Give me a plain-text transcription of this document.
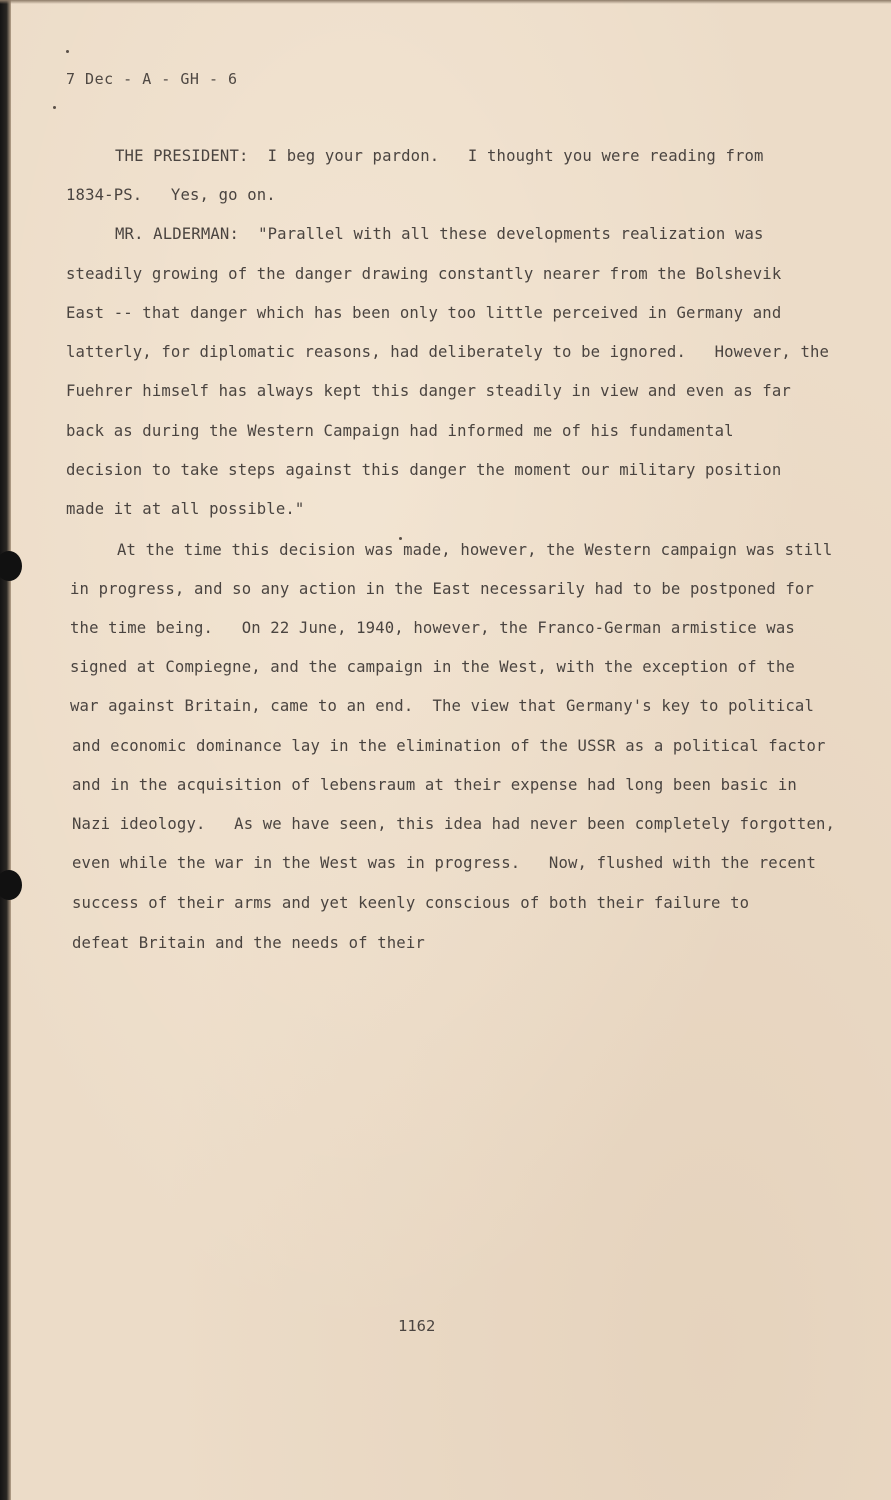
7 Dec - A - GH - 6
THE PRESIDENT:  I beg your pardon.   I thought you were reading from
1834-PS.   Yes, go on.
MR. ALDERMAN:  "Parallel with all these developments realization was
steadily growing of the danger drawing constantly nearer from the Bolshevik
East -- that danger which has been only too little perceived in Germany and
latterly, for diplomatic reasons, had deliberately to be ignored.   However, the
Fuehrer himself has always kept this danger steadily in view and even as far
back as during the Western Campaign had informed me of his fundamental
decision to take steps against this danger the moment our military position
made it at all possible."
At the time this decision was made, however, the Western campaign was still
in progress, and so any action in the East necessarily had to be postponed for
the time being.   On 22 June, 1940, however, the Franco-German armistice was
signed at Compiegne, and the campaign in the West, with the exception of the
war against Britain, came to an end.  The view that Germany's key to political
and economic dominance lay in the elimination of the USSR as a political factor
and in the acquisition of lebensraum at their expense had long been basic in
Nazi ideology.   As we have seen, this idea had never been completely forgotten,
even while the war in the West was in progress.   Now, flushed with the recent
success of their arms and yet keenly conscious of both their failure to
defeat Britain and the needs of their
1162
